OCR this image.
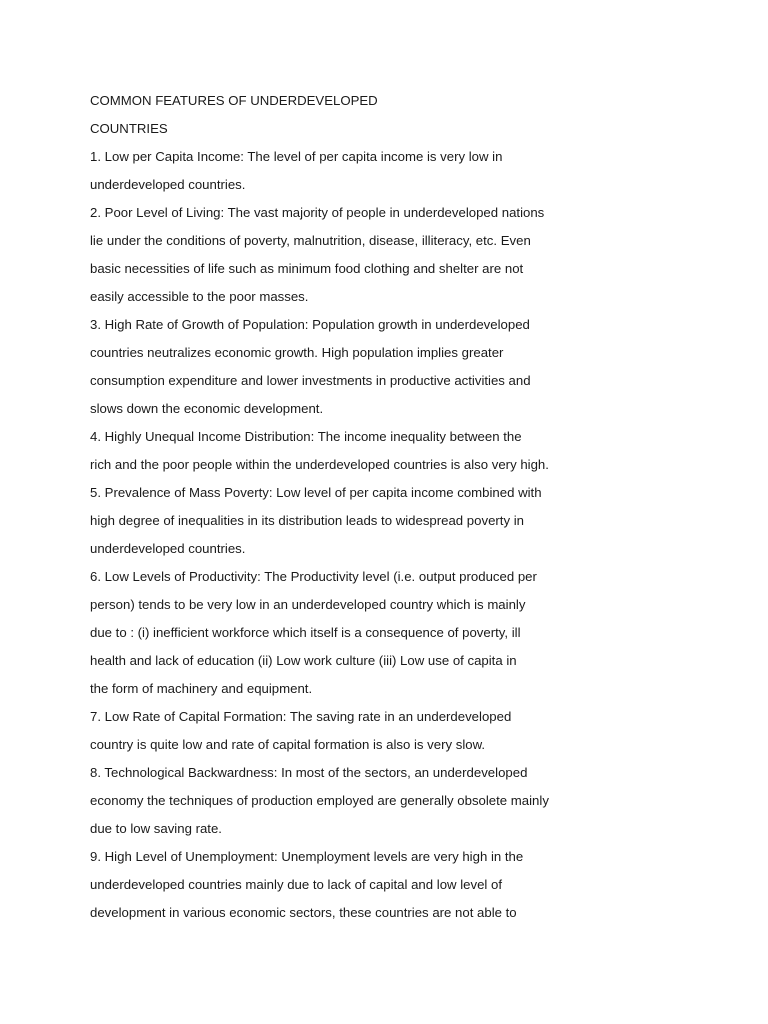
COMMON FEATURES OF UNDERDEVELOPED
COUNTRIES
1. Low per Capita Income: The level of per capita income is very low in
underdeveloped countries.
2. Poor Level of Living: The vast majority of people in underdeveloped nations
lie under the conditions of poverty, malnutrition, disease, illiteracy, etc. Even
basic necessities of life such as minimum food clothing and shelter are not
easily accessible to the poor masses.
3. High Rate of Growth of Population: Population growth in underdeveloped
countries neutralizes economic growth. High population implies greater
consumption expenditure and lower investments in productive activities and
slows down the economic development.
4. Highly Unequal Income Distribution: The income inequality between the
rich and the poor people within the underdeveloped countries is also very high.
5. Prevalence of Mass Poverty: Low level of per capita income combined with
high degree of inequalities in its distribution leads to widespread poverty in
underdeveloped countries.
6. Low Levels of Productivity: The Productivity level (i.e. output produced per
person) tends to be very low in an underdeveloped country which is mainly
due to : (i) inefficient workforce which itself is a consequence of poverty, ill
health and lack of education (ii) Low work culture (iii) Low use of capita in
the form of machinery and equipment.
7. Low Rate of Capital Formation: The saving rate in an underdeveloped
country is quite low and rate of capital formation is also is very slow.
8. Technological Backwardness: In most of the sectors, an underdeveloped
economy the techniques of production employed are generally obsolete mainly
due to low saving rate.
9. High Level of Unemployment: Unemployment levels are very high in the
underdeveloped countries mainly due to lack of capital and low level of
development in various economic sectors, these countries are not able to
